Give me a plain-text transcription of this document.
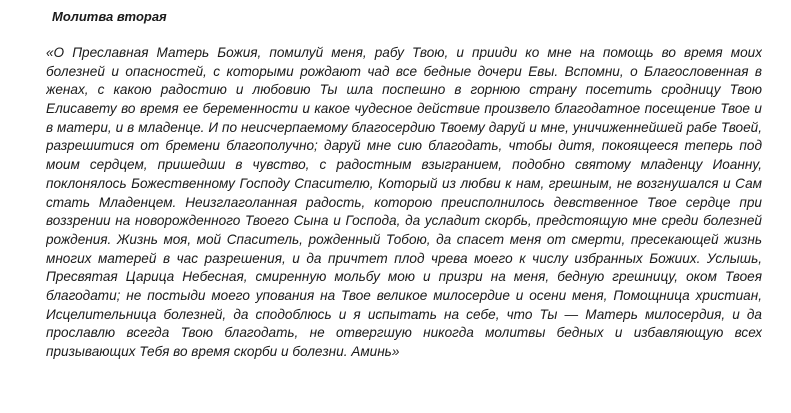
Молитва вторая
«О Преславная Матерь Божия, помилуй меня, рабу Твою, и прииди ко мне на помощь во время моих
болезней и опасностей, с которыми рождают чад все бедные дочери Евы. Вспомни, о Благословенная в
женах, с какою радостию и любовию Ты шла поспешно в горнюю страну посетить сродницу Твою
Елисавету во время ее беременности и какое чудесное действие произвело благодатное посещение Твое и
в матери, и в младенце. И по неисчерпаемому благосердию Твоему даруй и мне, уничиженнейшей рабе Твоей,
разрешитися от бремени благополучно; даруй мне сию благодать, чтобы дитя, покоящееся теперь под
моим сердцем, пришедши в чувство, с радостным взыгранием, подобно святому младенцу Иоанну,
поклонялось Божественному Господу Спасителю, Который из любви к нам, грешным, не возгнушался и Сам
стать Младенцем. Неизглаголанная радость, которою преисполнилось девственное Твое сердце при
воззрении на новорожденного Твоего Сына и Господа, да усладит скорбь, предстоящую мне среди болезней
рождения. Жизнь моя, мой Спаситель, рожденный Тобою, да спасет меня от смерти, пресекающей жизнь
многих матерей в час разрешения, и да причтет плод чрева моего к числу избранных Божиих. Услышь,
Пресвятая Царица Небесная, смиренную мольбу мою и призри на меня, бедную грешницу, оком Твоея
благодати; не постыди моего упования на Твое великое милосердие и осени меня, Помощница христиан,
Исцелительница болезней, да сподоблюсь и я испытать на себе, что Ты — Матерь милосердия, и да
прославлю всегда Твою благодать, не отвергшую никогда молитвы бедных и избавляющую всех
призывающих Тебя во время скорби и болезни. Аминь»
